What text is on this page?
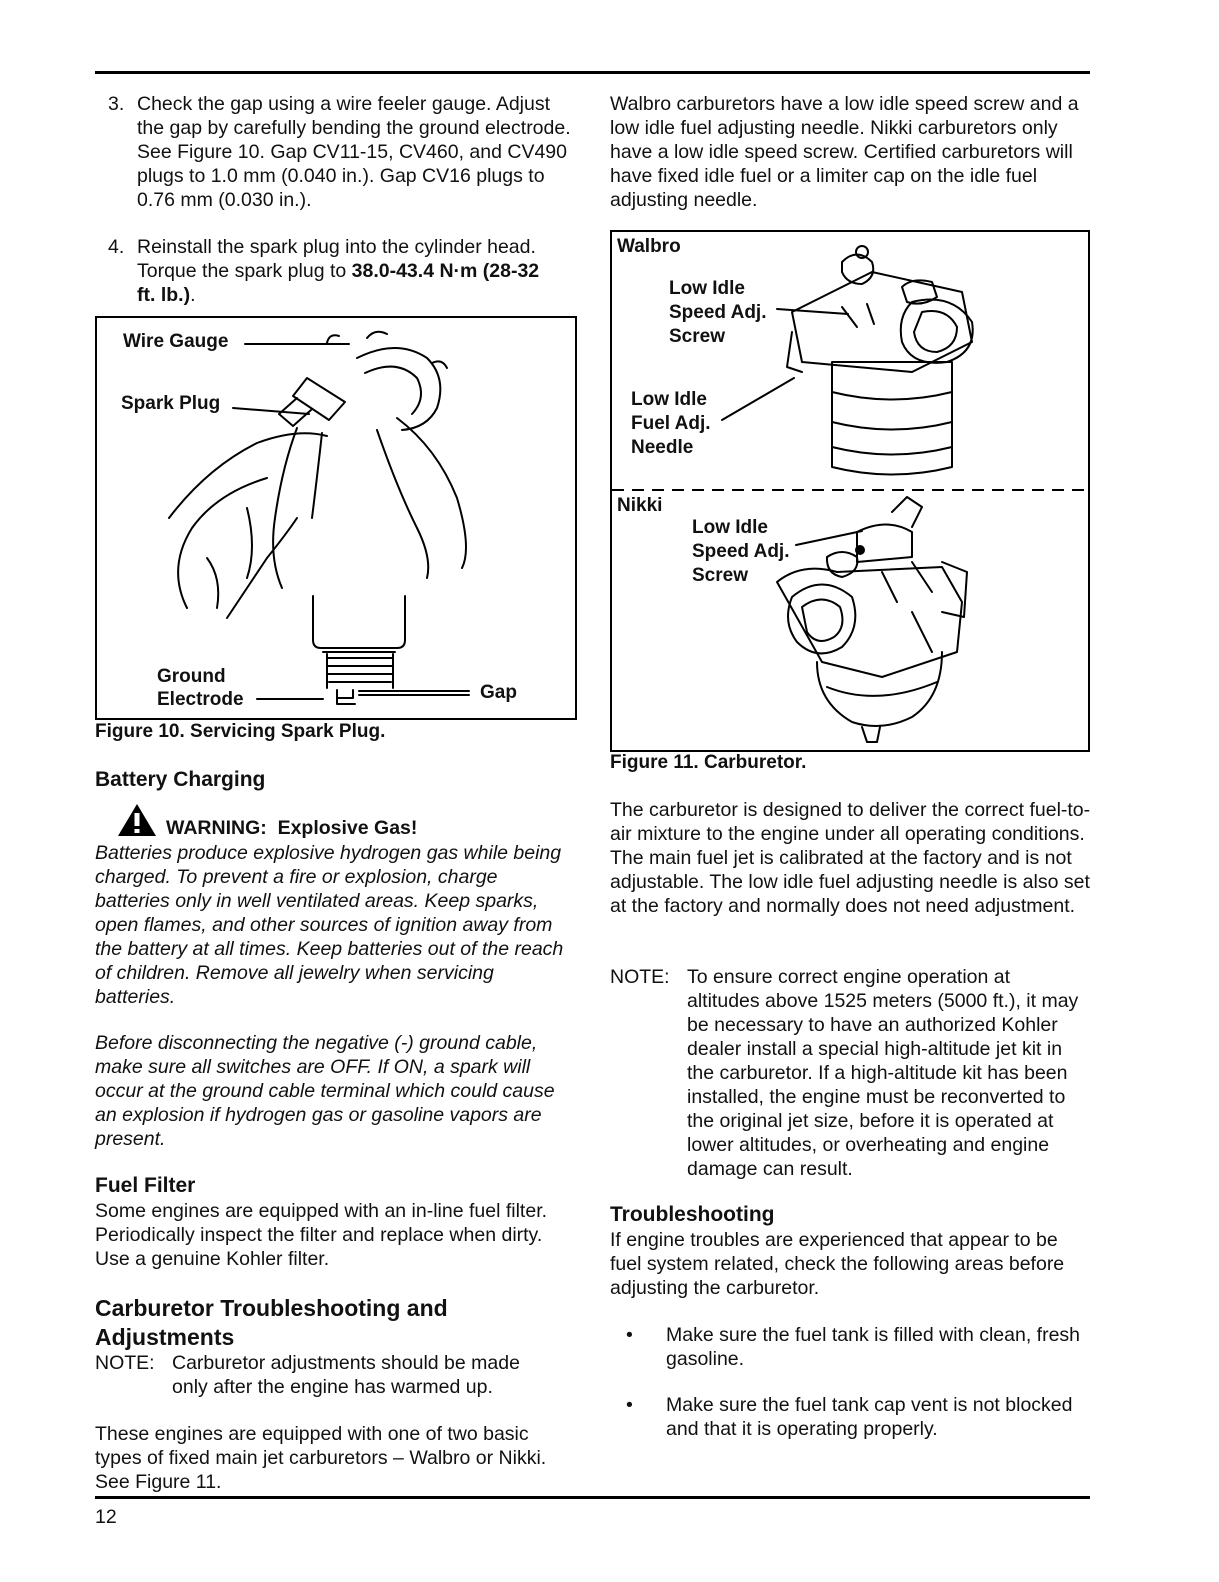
3. Check the gap using a wire feeler gauge. Adjust the gap by carefully bending the ground electrode. See Figure 10. Gap CV11-15, CV460, and CV490 plugs to 1.0 mm (0.040 in.). Gap CV16 plugs to 0.76 mm (0.030 in.).

4. Reinstall the spark plug into the cylinder head. Torque the spark plug to 38.0-43.4 N·m (28-32 ft. lb.).

Wire Gauge
Spark Plug
Ground
Electrode	Gap

Figure 10. Servicing Spark Plug.

Battery Charging
WARNING:  Explosive Gas!

Batteries produce explosive hydrogen gas while being charged. To prevent a fire or explosion, charge batteries only in well ventilated areas. Keep sparks, open flames, and other sources of ignition away from the battery at all times. Keep batteries out of the reach of children. Remove all jewelry when servicing batteries.

Before disconnecting the negative (-) ground cable, make sure all switches are OFF. If ON, a spark will occur at the ground cable terminal which could cause an explosion if hydrogen gas or gasoline vapors are present.

Fuel Filter

Some engines are equipped with an in-line fuel filter. Periodically inspect the filter and replace when dirty. Use a genuine Kohler filter.

Carburetor Troubleshooting and
Adjustments
NOTE: Carburetor adjustments should be made only after the engine has warmed up.

These engines are equipped with one of two basic types of fixed main jet carburetors – Walbro or Nikki. See Figure 11.

Walbro carburetors have a low idle speed screw and a low idle fuel adjusting needle. Nikki carburetors only have a low idle speed screw. Certified carburetors will have fixed idle fuel or a limiter cap on the idle fuel adjusting needle.

Walbro
Low Idle
Speed Adj.
Screw
Low Idle
Fuel Adj.
Needle
Nikki
Low Idle
Speed Adj.
Screw

Figure 11. Carburetor.

The carburetor is designed to deliver the correct fuel-to-air mixture to the engine under all operating conditions. The main fuel jet is calibrated at the factory and is not adjustable. The low idle fuel adjusting needle is also set at the factory and normally does not need adjustment.

NOTE: To ensure correct engine operation at altitudes above 1525 meters (5000 ft.), it may be necessary to have an authorized Kohler dealer install a special high-altitude jet kit in the carburetor. If a high-altitude kit has been installed, the engine must be reconverted to the original jet size, before it is operated at lower altitudes, or overheating and engine damage can result.

Troubleshooting

If engine troubles are experienced that appear to be fuel system related, check the following areas before adjusting the carburetor.

• Make sure the fuel tank is filled with clean, fresh gasoline.

• Make sure the fuel tank cap vent is not blocked and that it is operating properly.

12
